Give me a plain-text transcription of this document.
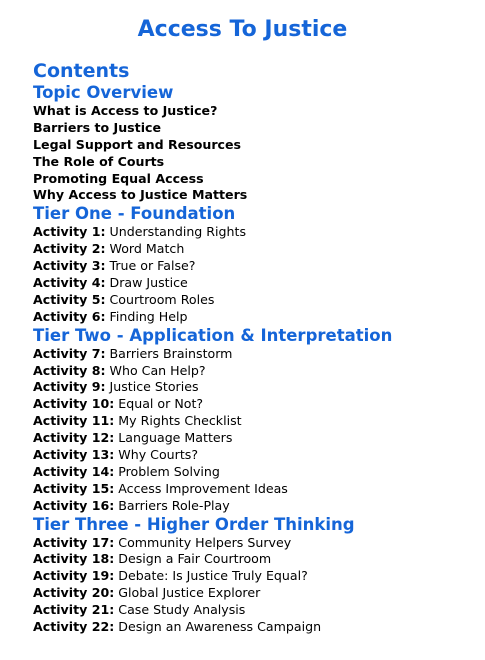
Access To Justice
Contents
Topic Overview
What is Access to Justice?
Barriers to Justice
Legal Support and Resources
The Role of Courts
Promoting Equal Access
Why Access to Justice Matters
Tier One - Foundation
Activity 1: Understanding Rights
Activity 2: Word Match
Activity 3: True or False?
Activity 4: Draw Justice
Activity 5: Courtroom Roles
Activity 6: Finding Help
Tier Two - Application & Interpretation
Activity 7: Barriers Brainstorm
Activity 8: Who Can Help?
Activity 9: Justice Stories
Activity 10: Equal or Not?
Activity 11: My Rights Checklist
Activity 12: Language Matters
Activity 13: Why Courts?
Activity 14: Problem Solving
Activity 15: Access Improvement Ideas
Activity 16: Barriers Role-Play
Tier Three - Higher Order Thinking
Activity 17: Community Helpers Survey
Activity 18: Design a Fair Courtroom
Activity 19: Debate: Is Justice Truly Equal?
Activity 20: Global Justice Explorer
Activity 21: Case Study Analysis
Activity 22: Design an Awareness Campaign
